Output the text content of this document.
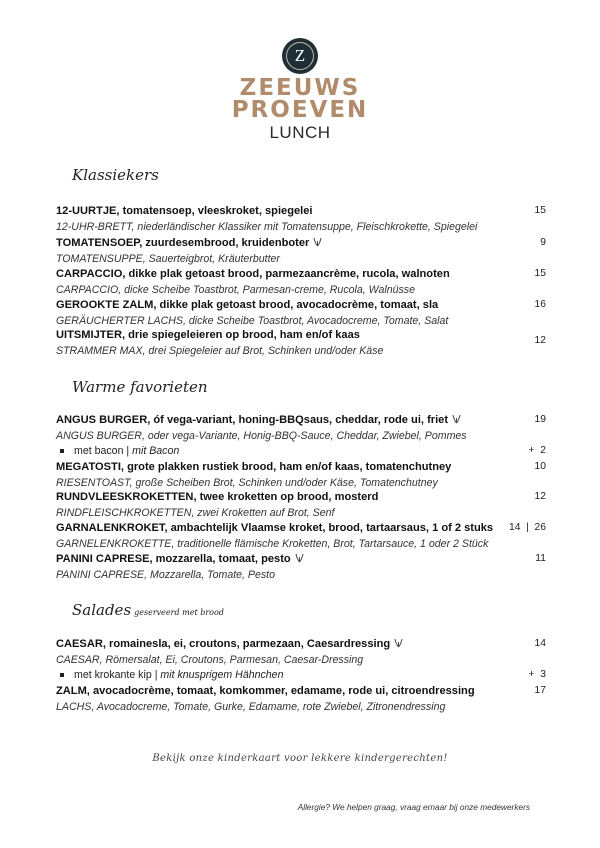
Z
ZEEUWS
PROEVEN
LUNCH
Klassiekers
12-UURTJE, tomatensoep, vleeskroket, spiegelei
12-UHR-BRETT, niederländischer Klassiker mit Tomatensuppe, Fleischkrokette, Spiegelei
15
TOMATENSOEP, zuurdesembrood, kruidenboter
TOMATENSUPPE, Sauerteigbrot, Kräuterbutter
9
CARPACCIO, dikke plak getoast brood, parmezaancrème, rucola, walnoten
CARPACCIO, dicke Scheibe Toastbrot, Parmesan-creme, Rucola, Walnüsse
15
GEROOKTE ZALM, dikke plak getoast brood, avocadocrème, tomaat, sla
GERÄUCHERTER LACHS, dicke Scheibe Toastbrot, Avocadocreme, Tomate, Salat
16
UITSMIJTER, drie spiegeleieren op brood, ham en/of kaas
STRAMMER MAX, drei Spiegeleier auf Brot, Schinken und/oder Käse
12
Warme favorieten
ANGUS BURGER, óf vega-variant, honing-BBQsaus, cheddar, rode ui, friet
ANGUS BURGER, oder vega-Variante, Honig-BBQ-Sauce, Cheddar, Zwiebel, Pommes
19
met bacon | mit Bacon	+  2
MEGATOSTI, grote plakken rustiek brood, ham en/of kaas, tomatenchutney
RIESENTOAST, große Scheiben Brot, Schinken und/oder Käse, Tomatenchutney
10
RUNDVLEESKROKETTEN, twee kroketten op brood, mosterd
RINDFLEISCHKROKETTEN, zwei Kroketten auf Brot, Senf
12
GARNALENKROKET, ambachtelijk Vlaamse kroket, brood, tartaarsaus, 1 of 2 stuks
GARNELENKROKETTE, traditionelle flämische Kroketten, Brot, Tartarsauce, 1 oder 2 Stück
14  |  26
PANINI CAPRESE, mozzarella, tomaat, pesto
PANINI CAPRESE, Mozzarella, Tomate, Pesto
11
Salades geserveerd met brood
CAESAR, romainesla, ei, croutons, parmezaan, Caesardressing
CAESAR, Römersalat, Ei, Croutons, Parmesan, Caesar-Dressing
14
met krokante kip | mit knusprigem Hähnchen	+  3
ZALM, avocadocrème, tomaat, komkommer, edamame, rode ui, citroendressing
LACHS, Avocadocreme, Tomate, Gurke, Edamame, rote Zwiebel, Zitronendressing
17
Bekijk onze kinderkaart voor lekkere kindergerechten!
Allergie? We helpen graag, vraag ernaar bij onze medewerkers
